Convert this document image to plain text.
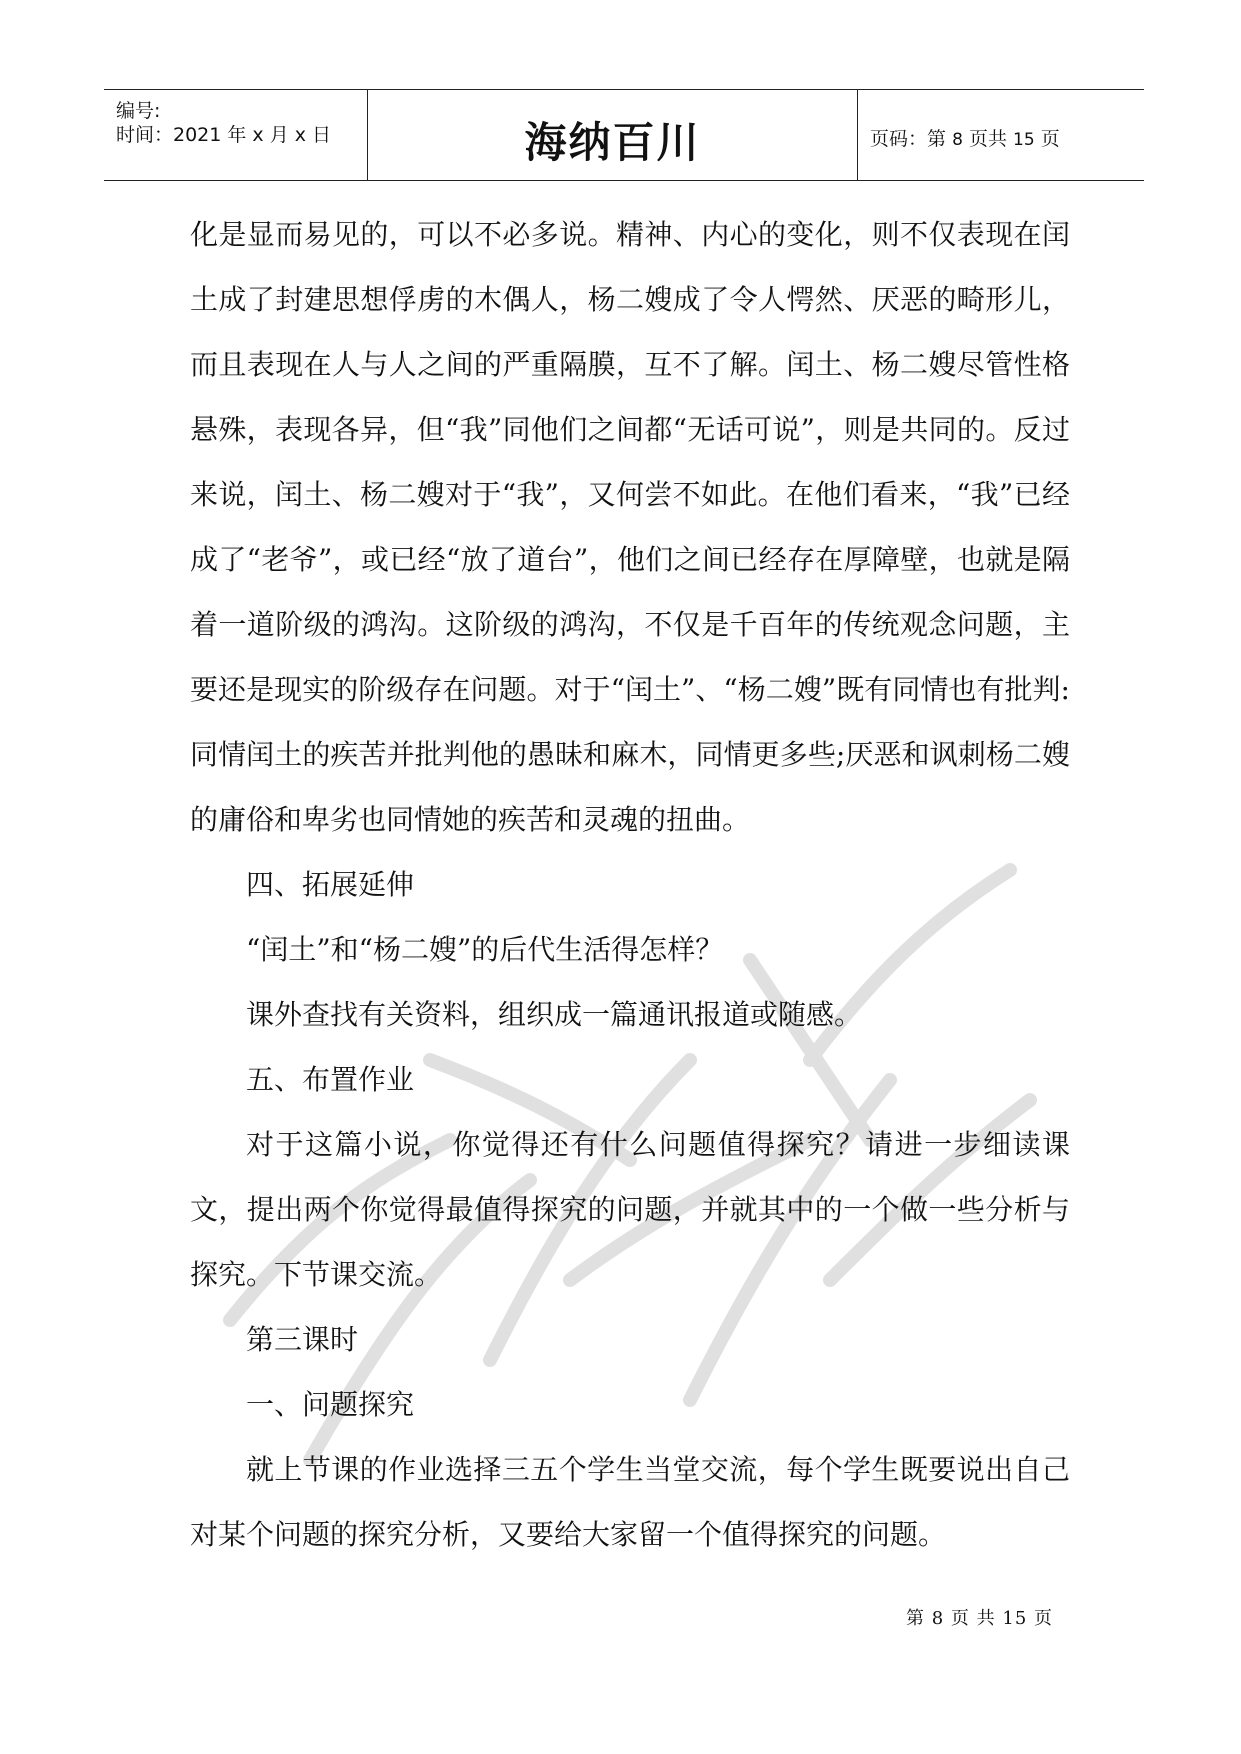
编号:
时间：2021 年 x 月 x 日	海纳百川	页码：第 8 页共 15 页

化是显而易见的，可以不必多说。精神、内心的变化，则不仅表现在闰土成了封建思想俘虏的木偶人，杨二嫂成了令人愕然、厌恶的畸形儿，而且表现在人与人之间的严重隔膜，互不了解。闰土、杨二嫂尽管性格悬殊，表现各异，但“我”同他们之间都“无话可说”，则是共同的。反过来说，闰土、杨二嫂对于“我”，又何尝不如此。在他们看来，“我”已经成了“老爷”，或已经“放了道台”，他们之间已经存在厚障壁，也就是隔着一道阶级的鸿沟。这阶级的鸿沟，不仅是千百年的传统观念问题，主要还是现实的阶级存在问题。对于“闰土”、“杨二嫂”既有同情也有批判:同情闰土的疾苦并批判他的愚昧和麻木，同情更多些;厌恶和讽刺杨二嫂的庸俗和卑劣也同情她的疾苦和灵魂的扭曲。

四、拓展延伸

“闰土”和“杨二嫂”的后代生活得怎样？

课外查找有关资料，组织成一篇通讯报道或随感。

五、布置作业

对于这篇小说，你觉得还有什么问题值得探究？请进一步细读课文，提出两个你觉得最值得探究的问题，并就其中的一个做一些分析与探究。下节课交流。

第三课时

一、问题探究

就上节课的作业选择三五个学生当堂交流，每个学生既要说出自己对某个问题的探究分析，又要给大家留一个值得探究的问题。

第 8 页 共 15 页
